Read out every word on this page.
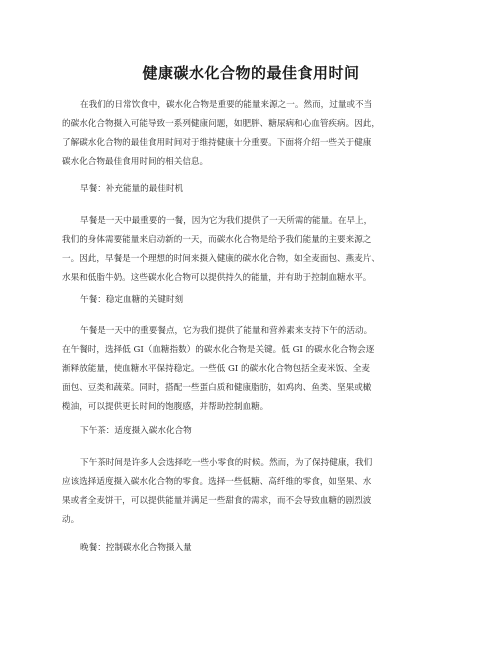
健康碳水化合物的最佳食用时间
在我们的日常饮食中，碳水化合物是重要的能量来源之一。然而，过量或不当
的碳水化合物摄入可能导致一系列健康问题，如肥胖、糖尿病和心血管疾病。因此，
了解碳水化合物的最佳食用时间对于维持健康十分重要。下面将介绍一些关于健康
碳水化合物最佳食用时间的相关信息。
早餐：补充能量的最佳时机
早餐是一天中最重要的一餐，因为它为我们提供了一天所需的能量。在早上，
我们的身体需要能量来启动新的一天，而碳水化合物是给予我们能量的主要来源之
一。因此，早餐是一个理想的时间来摄入健康的碳水化合物，如全麦面包、燕麦片、
水果和低脂牛奶。这些碳水化合物可以提供持久的能量，并有助于控制血糖水平。
午餐：稳定血糖的关键时刻
午餐是一天中的重要餐点，它为我们提供了能量和营养素来支持下午的活动。
在午餐时，选择低 GI（血糖指数）的碳水化合物是关键。低 GI 的碳水化合物会逐
渐释放能量，使血糖水平保持稳定。一些低 GI 的碳水化合物包括全麦米饭、全麦
面包、豆类和蔬菜。同时，搭配一些蛋白质和健康脂肪，如鸡肉、鱼类、坚果或橄
榄油，可以提供更长时间的饱腹感，并帮助控制血糖。
下午茶：适度摄入碳水化合物
下午茶时间是许多人会选择吃一些小零食的时候。然而，为了保持健康，我们
应该选择适度摄入碳水化合物的零食。选择一些低糖、高纤维的零食，如坚果、水
果或者全麦饼干，可以提供能量并满足一些甜食的需求，而不会导致血糖的剧烈波
动。
晚餐：控制碳水化合物摄入量
